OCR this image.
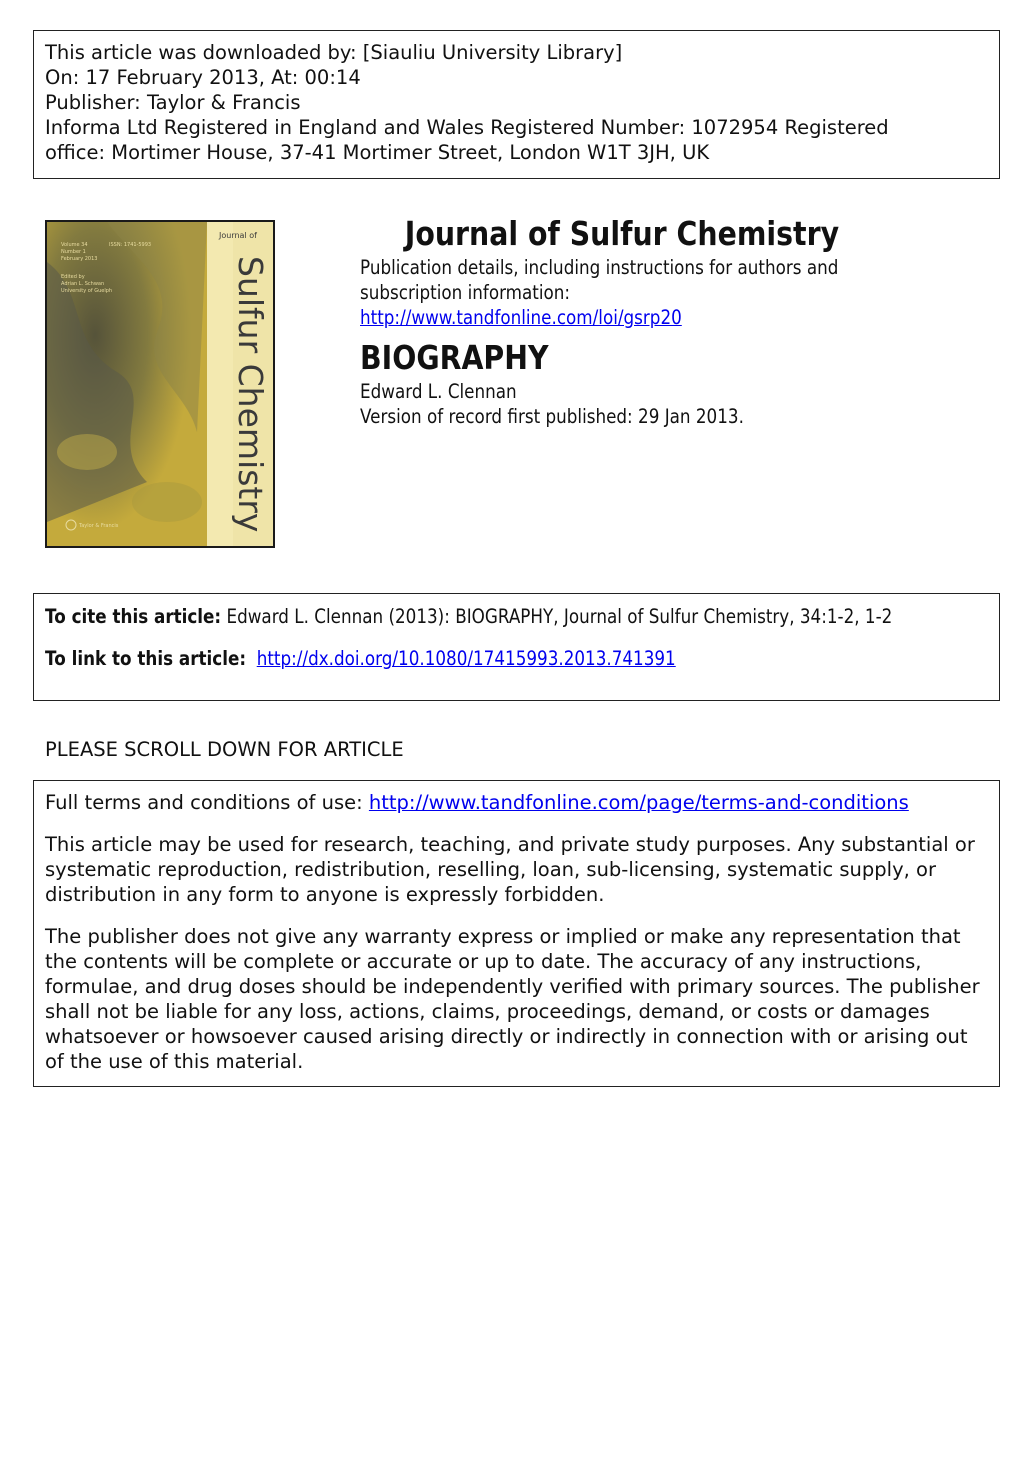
This article was downloaded by: [Siauliu University Library]
On: 17 February 2013, At: 00:14
Publisher: Taylor & Francis
Informa Ltd Registered in England and Wales Registered Number: 1072954 Registered
office: Mortimer House, 37-41 Mortimer Street, London W1T 3JH, UK
Journal of
Sulfur Chemistry
Volume 34	ISSN: 1741-5993
Number 1
February 2013
Edited by
Adrian L. Schwan
University of Guelph
Taylor & Francis
Journal of Sulfur Chemistry
Publication details, including instructions for authors and
subscription information:
http://www.tandfonline.com/loi/gsrp20
BIOGRAPHY
Edward L. Clennan
Version of record first published: 29 Jan 2013.
To cite this article: Edward L. Clennan (2013): BIOGRAPHY, Journal of Sulfur Chemistry, 34:1-2, 1-2
To link to this article: http://dx.doi.org/10.1080/17415993.2013.741391
PLEASE SCROLL DOWN FOR ARTICLE

Full terms and conditions of use: http://www.tandfonline.com/page/terms-and-conditions

This article may be used for research, teaching, and private study purposes. Any substantial or systematic reproduction, redistribution, reselling, loan, sub-licensing, systematic supply, or distribution in any form to anyone is expressly forbidden.

The publisher does not give any warranty express or implied or make any representation that the contents will be complete or accurate or up to date. The accuracy of any instructions, formulae, and drug doses should be independently verified with primary sources. The publisher shall not be liable for any loss, actions, claims, proceedings, demand, or costs or damages whatsoever or howsoever caused arising directly or indirectly in connection with or arising out of the use of this material.
